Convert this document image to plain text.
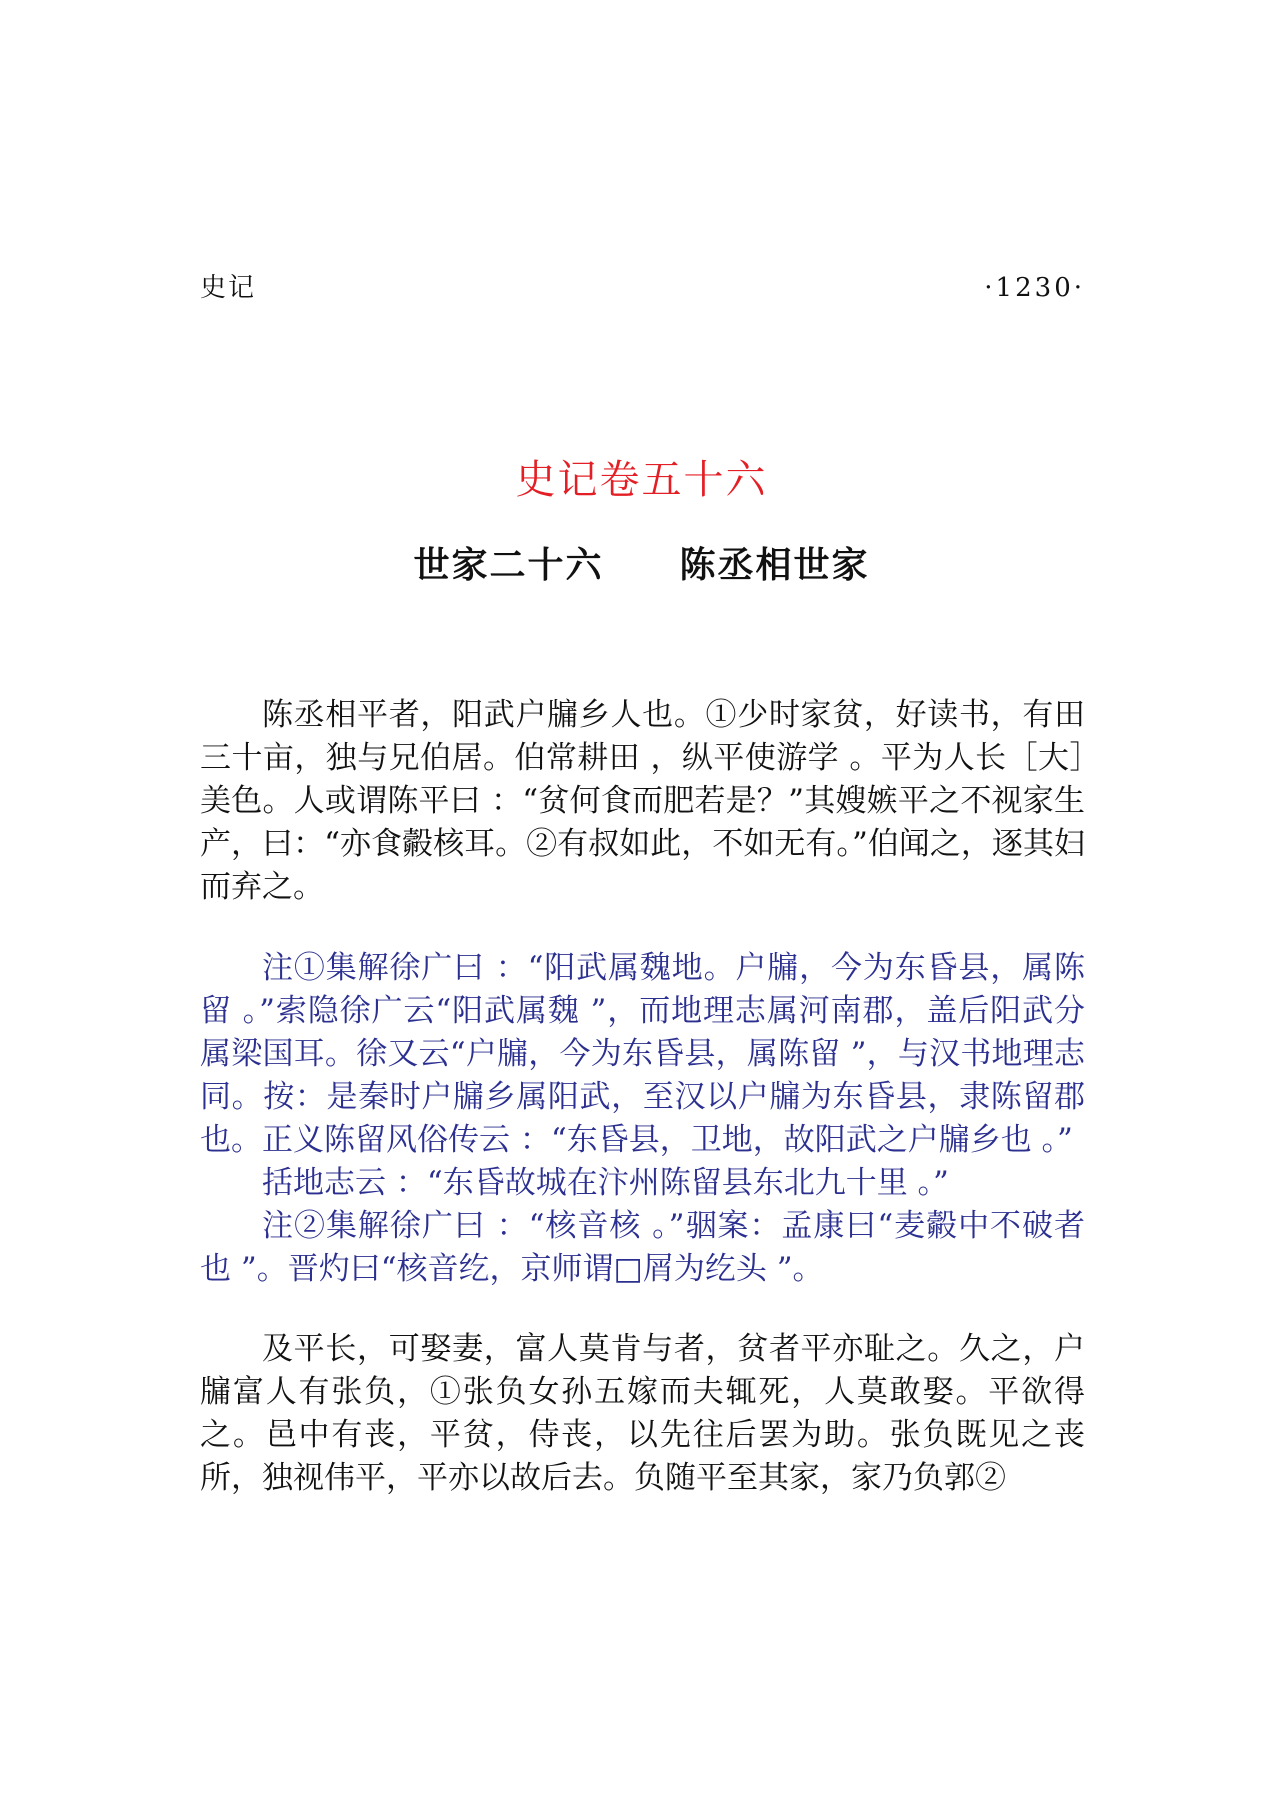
史记	·1230·
史记卷五十六
世家二十六　　陈丞相世家

陈丞相平者，阳武户牖乡人也。①少时家贫，好读书，有田三十亩，独与兄伯居。伯常耕田 ，纵平使游学 。平为人长［大］美色。人或谓陈平曰 ：“贫何食而肥若是？”其嫂嫉平之不视家生产，曰：“亦食㲉核耳。②有叔如此，不如无有。”伯闻之，逐其妇而弃之。

注①集解徐广曰 ：“阳武属魏地。户牖，今为东昏县，属陈留 。”索隐徐广云“阳武属魏 ”，而地理志属河南郡，盖后阳武分属梁国耳。徐又云“户牖，今为东昏县，属陈留 ”，与汉书地理志同。按：是秦时户牖乡属阳武，至汉以户牖为东昏县，隶陈留郡也。正义陈留风俗传云 ：“东昏县，卫地，故阳武之户牖乡也 。”

括地志云 ：“东昏故城在汴州陈留县东北九十里 。”

注②集解徐广曰 ：“核音核 。”骃案：孟康曰“麦㲉中不破者也 ”。晋灼曰“核音纥，京师谓□屑为纥头 ”。

及平长，可娶妻，富人莫肯与者，贫者平亦耻之。久之，户牖富人有张负，①张负女孙五嫁而夫辄死，人莫敢娶。平欲得之。邑中有丧，平贫，侍丧，以先往后罢为助。张负既见之丧所，独视伟平，平亦以故后去。负随平至其家，家乃负郭②
